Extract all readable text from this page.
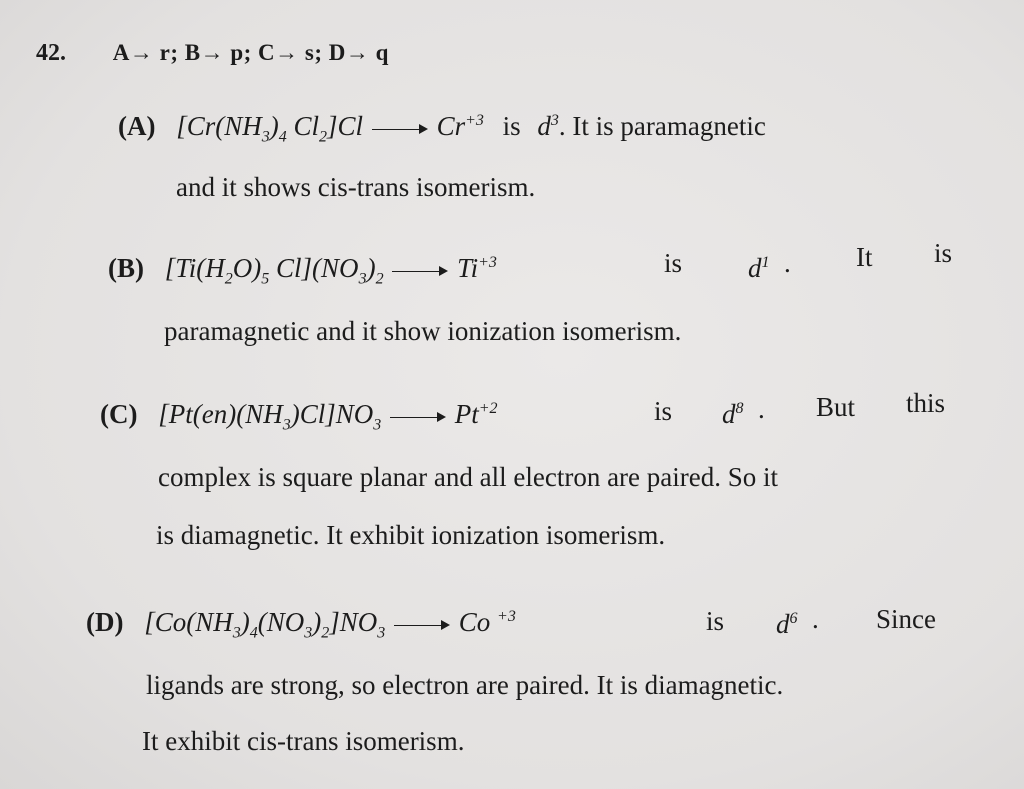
42. A→ r; B→ p; C→ s; D→ q
(A) [$Cr(NH_3)_4$ $Cl_2]Cl$	$Cr^{+3}$ is $d^3$. It is paramagnetic
and it shows cis-trans isomerism.
(B) [$Ti(H_2O)_5$ $Cl](NO_3)_2$	$Ti^{+3}$	is $d^1$ . It is
paramagnetic and it show ionization isomerism.
(C) $[Pt(en)(NH_3)Cl]NO_3$	$Pt^{+2}$	is $d^8$ . But this
complex is square planar and all electron are paired. So it
is diamagnetic. It exhibit ionization isomerism.
(D) $[Co(NH_3)_4(NO_3)_2]NO_3$	Co $^{+3}$	is $d^6$ . Since
ligands are strong, so electron are paired. It is diamagnetic.
It exhibit cis-trans isomerism.
